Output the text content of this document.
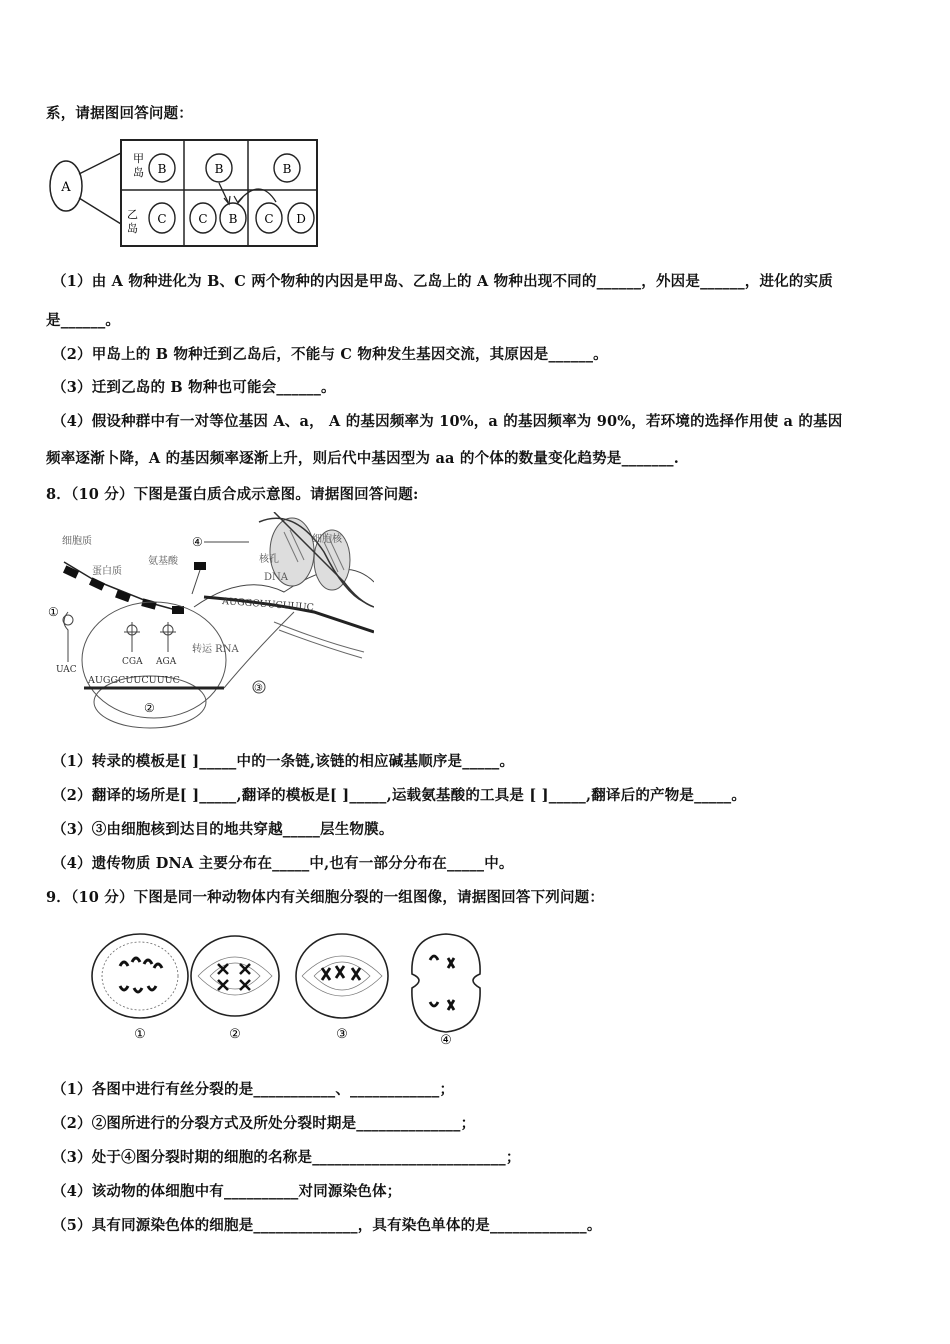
系，请据图回答问题：
A
甲
岛
乙
岛
B	B	B
C	C B C D
（1）由 A 物种进化为 B、C 两个物种的内因是甲岛、乙岛上的 A 物种出现不同的______，外因是______，进化的实质
是______。
（2）甲岛上的 B 物种迁到乙岛后，不能与 C 物种发生基因交流，其原因是______。
（3）迁到乙岛的 B 物种也可能会______。
（4）假设种群中有一对等位基因 A、a， A 的基因频率为 10%，a 的基因频率为 90%，若环境的选择作用使 a 的基因
频率逐渐卜降，A 的基因频率逐渐上升，则后代中基因型为 aa 的个体的数量变化趋势是_______.
8．（10 分）下图是蛋白质合成示意图。请据图回答问题:
细胞核
DNA
核孔
④
AUGGCUUCUUUC
细胞质
蛋白质
氨基酸
①
UAC
CGA AGA
转运 RNA
AUGGCUUCUUUC
③
②
（1）转录的模板是[ ]_____中的一条链,该链的相应碱基顺序是_____。
（2）翻译的场所是[ ]_____,翻译的模板是[ ]_____,运载氨基酸的工具是 [ ]_____,翻译后的产物是_____。
（3）③由细胞核到达目的地共穿越_____层生物膜。
（4）遗传物质 DNA 主要分布在_____中,也有一部分分布在_____中。
9．（10 分）下图是同一种动物体内有关细胞分裂的一组图像，请据图回答下列问题：
①	②	③	④
（1）各图中进行有丝分裂的是___________、____________；
（2）②图所进行的分裂方式及所处分裂时期是______________；
（3）处于④图分裂时期的细胞的名称是__________________________；
（4）该动物的体细胞中有__________对同源染色体；
（5）具有同源染色体的细胞是______________，具有染色单体的是_____________。
